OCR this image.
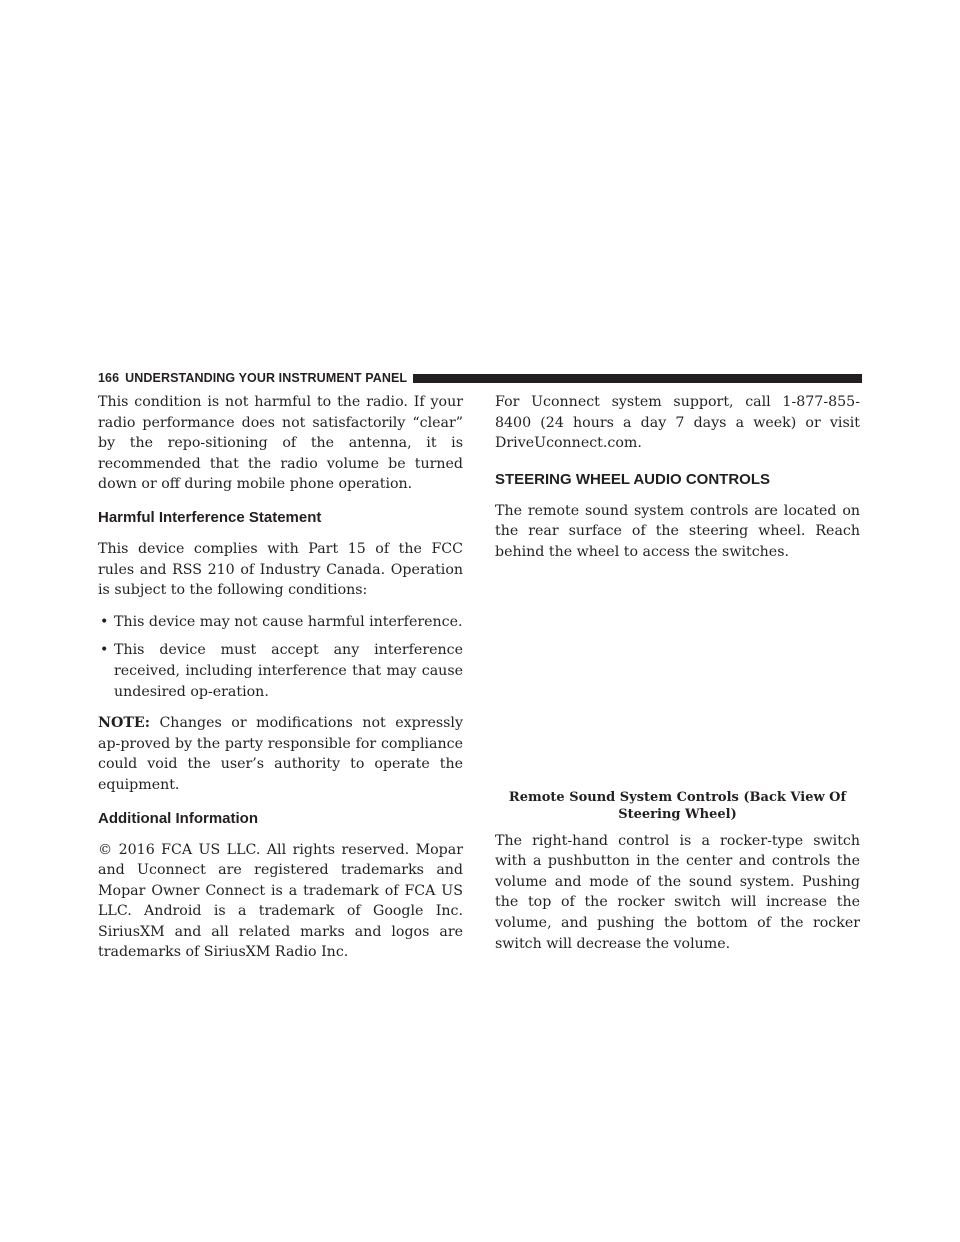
166 UNDERSTANDING YOUR INSTRUMENT PANEL

This condition is not harmful to the radio. If your radio performance does not satisfactorily “clear” by the repo-sitioning of the antenna, it is recommended that the radio volume be turned down or off during mobile phone operation.

Harmful Interference Statement

This device complies with Part 15 of the FCC rules and RSS 210 of Industry Canada. Operation is subject to the following conditions:

• This device may not cause harmful interference.
• This device must accept any interference received, including interference that may cause undesired op-eration.

NOTE: Changes or modifications not expressly ap-proved by the party responsible for compliance could void the user’s authority to operate the equipment.

Additional Information

© 2016 FCA US LLC. All rights reserved. Mopar and Uconnect are registered trademarks and Mopar Owner Connect is a trademark of FCA US LLC. Android is a trademark of Google Inc. SiriusXM and all related marks and logos are trademarks of SiriusXM Radio Inc.

For Uconnect system support, call 1-877-855-8400 (24 hours a day 7 days a week) or visit DriveUconnect.com.

STEERING WHEEL AUDIO CONTROLS

The remote sound system controls are located on the rear surface of the steering wheel. Reach behind the wheel to access the switches.

Remote Sound System Controls (Back View Of Steering Wheel)

The right-hand control is a rocker-type switch with a pushbutton in the center and controls the volume and mode of the sound system. Pushing the top of the rocker switch will increase the volume, and pushing the bottom of the rocker switch will decrease the volume.
